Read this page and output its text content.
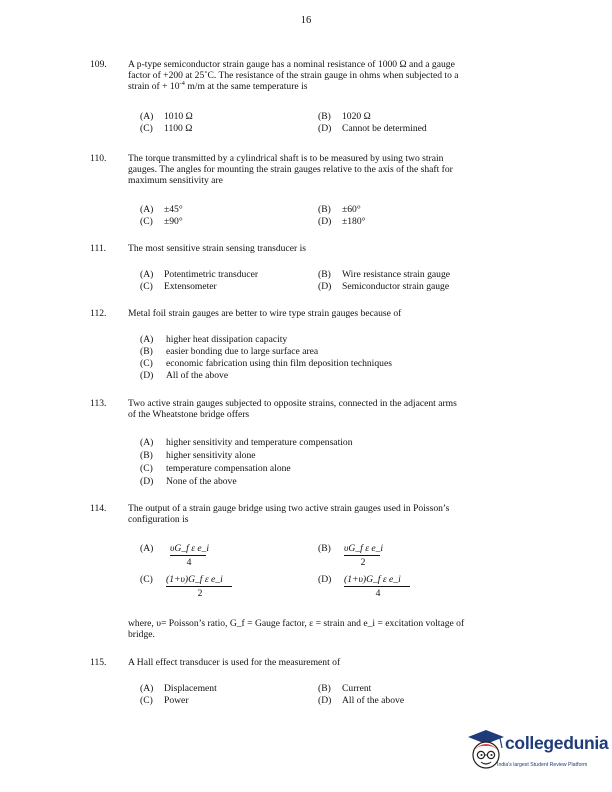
16
109. A p-type semiconductor strain gauge has a nominal resistance of 1000 Ω and a gauge
factor of +200 at 25˚C. The resistance of the strain gauge in ohms when subjected to a
strain of + $10^{-4}$ m/m at the same temperature is
(A) 1010 Ω	(B) 1020 Ω
(C) 1100 Ω	(D) Cannot be determined
110. The torque transmitted by a cylindrical shaft is to be measured by using two strain
gauges. The angles for mounting the strain gauges relative to the axis of the shaft for
maximum sensitivity are
(A) ±45°	(B) ±60°
(C) ±90°	(D) ±180°
111. The most sensitive strain sensing transducer is
(A) Potentimetric transducer	(B) Wire resistance strain gauge
(C) Extensometer	(D) Semiconductor strain gauge
112. Metal foil strain gauges are better to wire type strain gauges because of
(A) higher heat dissipation capacity
(B) easier bonding due to large surface area
(C) economic fabrication using thin film deposition techniques
(D) All of the above
113. Two active strain gauges subjected to opposite strains, connected in the adjacent arms
of the Wheatstone bridge offers
(A) higher sensitivity and temperature compensation
(B) higher sensitivity alone
(C) temperature compensation alone
(D) None of the above
114. The output of a strain gauge bridge using two active strain gauges used in Poisson’s
configuration is
(A) υG_f ε e_i
4
(B) υG_f ε e_i
2
(C) (1+υ)G_f ε e_i
2
(D) (1+υ)G_f ε e_i
4
where, υ= Poisson’s ratio, G_f = Gauge factor, ε = strain and e_i = excitation voltage of
bridge.
115. A Hall effect transducer is used for the measurement of
(A) Displacement	(B) Current
(C) Power	(D) All of the above
collegedunia
India's largest Student Review Platform
